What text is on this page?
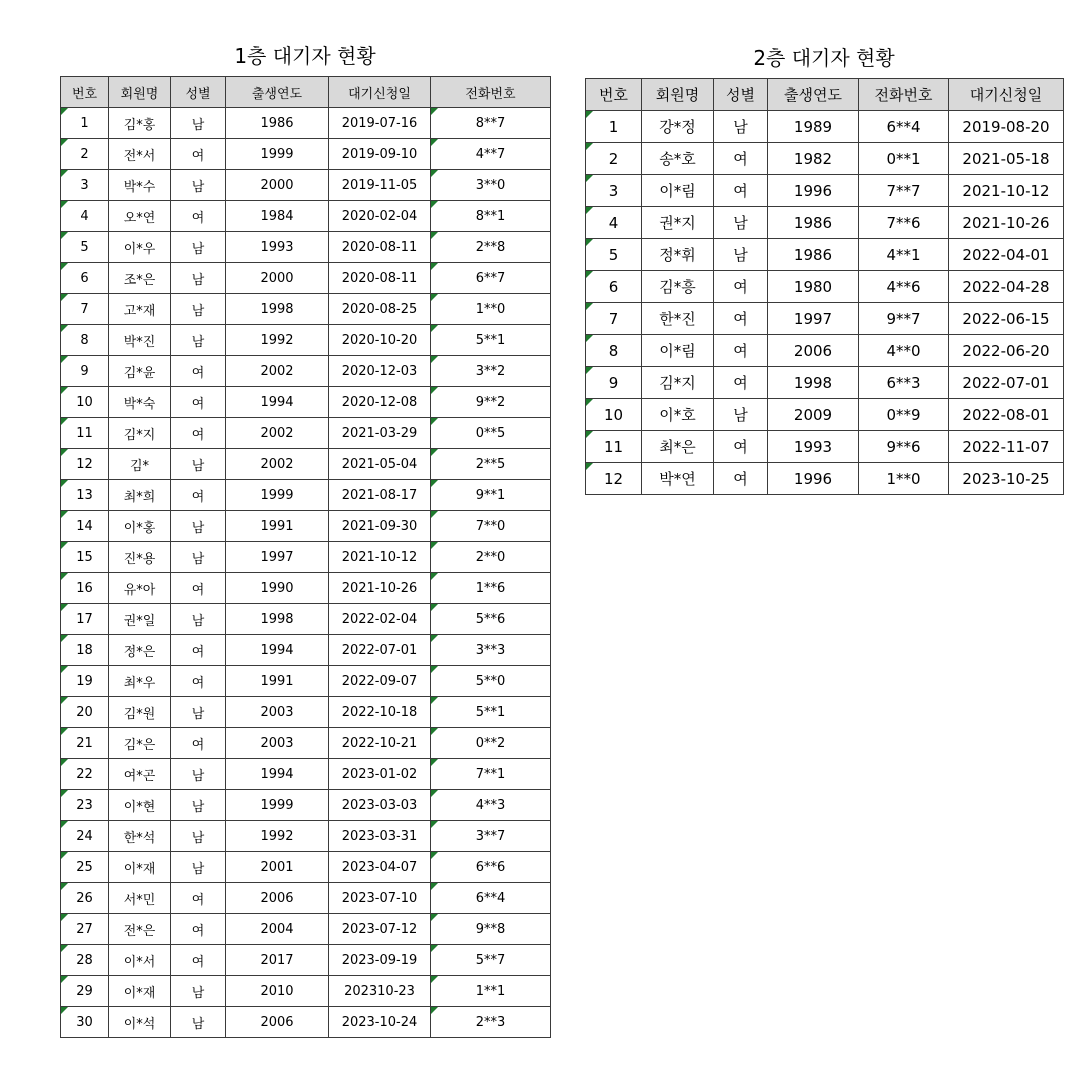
1층 대기자 현황
번호	회원명	성별	출생연도	대기신청일	전화번호
1	김*홍	남	1986	2019-07-16	8**7
2	전*서	여	1999	2019-09-10	4**7
3	박*수	남	2000	2019-11-05	3**0
4	오*연	여	1984	2020-02-04	8**1
5	이*우	남	1993	2020-08-11	2**8
6	조*은	남	2000	2020-08-11	6**7
7	고*재	남	1998	2020-08-25	1**0
8	박*진	남	1992	2020-10-20	5**1
9	김*윤	여	2002	2020-12-03	3**2
10	박*숙	여	1994	2020-12-08	9**2
11	김*지	여	2002	2021-03-29	0**5
12	김*	남	2002	2021-05-04	2**5
13	최*희	여	1999	2021-08-17	9**1
14	이*홍	남	1991	2021-09-30	7**0
15	진*용	남	1997	2021-10-12	2**0
16	유*아	여	1990	2021-10-26	1**6
17	권*일	남	1998	2022-02-04	5**6
18	정*은	여	1994	2022-07-01	3**3
19	최*우	여	1991	2022-09-07	5**0
20	김*원	남	2003	2022-10-18	5**1
21	김*은	여	2003	2022-10-21	0**2
22	여*곤	남	1994	2023-01-02	7**1
23	이*현	남	1999	2023-03-03	4**3
24	한*석	남	1992	2023-03-31	3**7
25	이*재	남	2001	2023-04-07	6**6
26	서*민	여	2006	2023-07-10	6**4
27	전*은	여	2004	2023-07-12	9**8
28	이*서	여	2017	2023-09-19	5**7
29	이*재	남	2010	202310-23	1**1
30	이*석	남	2006	2023-10-24	2**3
2층 대기자 현황
번호	회원명	성별	출생연도	전화번호	대기신청일
1	강*정	남	1989	6**4	2019-08-20
2	송*호	여	1982	0**1	2021-05-18
3	이*림	여	1996	7**7	2021-10-12
4	권*지	남	1986	7**6	2021-10-26
5	정*휘	남	1986	4**1	2022-04-01
6	김*흥	여	1980	4**6	2022-04-28
7	한*진	여	1997	9**7	2022-06-15
8	이*림	여	2006	4**0	2022-06-20
9	김*지	여	1998	6**3	2022-07-01
10	이*호	남	2009	0**9	2022-08-01
11	최*은	여	1993	9**6	2022-11-07
12	박*연	여	1996	1**0	2023-10-25
